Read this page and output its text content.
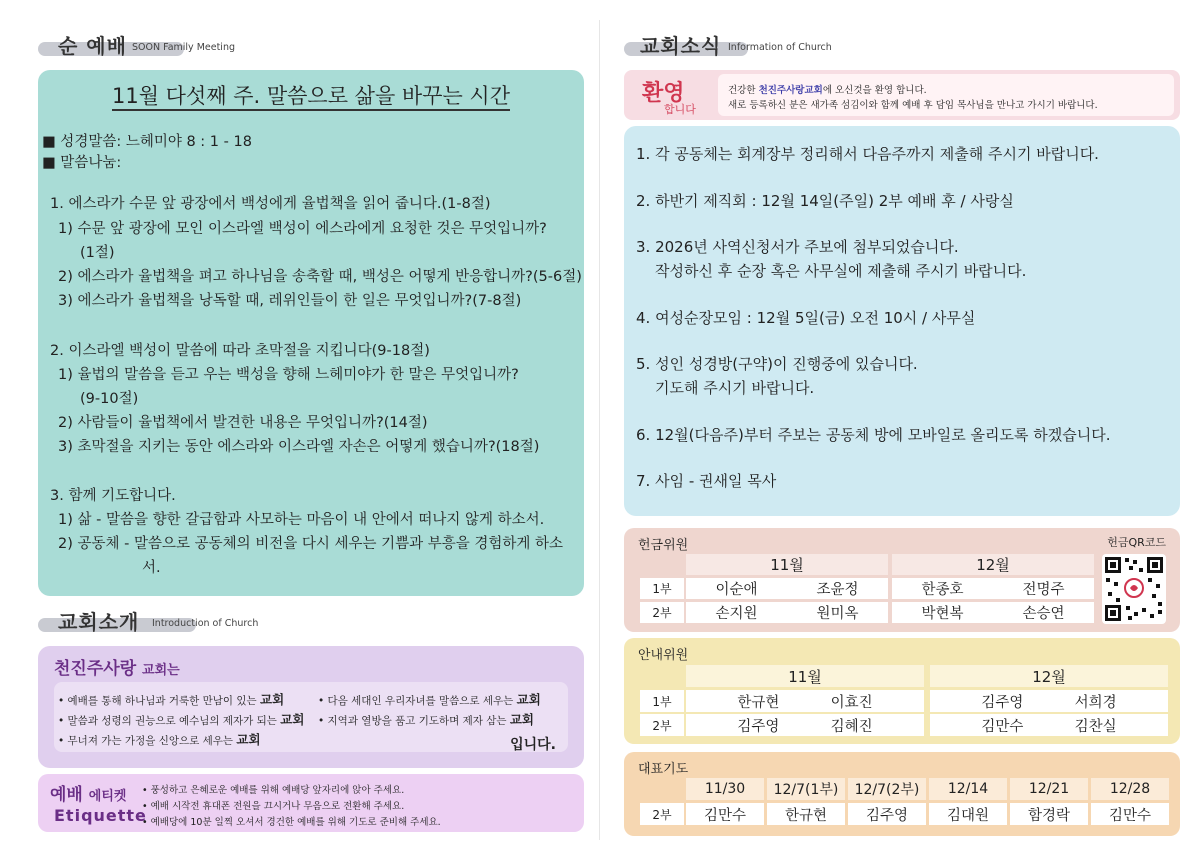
순 예배 SOON Family Meeting
11월 다섯째 주. 말씀으로 삶을 바꾸는 시간
■ 성경말씀: 느헤미야 8 : 1 - 18
■ 말씀나눔:
1. 에스라가 수문 앞 광장에서 백성에게 율법책을 읽어 줍니다.(1-8절)
1) 수문 앞 광장에 모인 이스라엘 백성이 에스라에게 요청한 것은 무엇입니까?
(1절)
2) 에스라가 율법책을 펴고 하나님을 송축할 때, 백성은 어떻게 반응합니까?(5-6절)
3) 에스라가 율법책을 낭독할 때, 레위인들이 한 일은 무엇입니까?(7-8절)
2. 이스라엘 백성이 말씀에 따라 초막절을 지킵니다(9-18절)
1) 율법의 말씀을 듣고 우는 백성을 향해 느헤미야가 한 말은 무엇입니까?
(9-10절)
2) 사람들이 율법책에서 발견한 내용은 무엇입니까?(14절)
3) 초막절을 지키는 동안 에스라와 이스라엘 자손은 어떻게 했습니까?(18절)
3. 함께 기도합니다.
1) 삶 - 말씀을 향한 갈급함과 사모하는 마음이 내 안에서 떠나지 않게 하소서.
2) 공동체 - 말씀으로 공동체의 비전을 다시 세우는 기쁨과 부흥을 경험하게 하소
서.
교회소개 Introduction of Church
천진주사랑 교회는
• 예배를 통해 하나님과 거룩한 만남이 있는 교회	• 다음 세대인 우리자녀를 말씀으로 세우는 교회
• 말씀과 성령의 권능으로 예수님의 제자가 되는 교회 • 지역과 열방을 품고 기도하며 제자 삼는 교회
• 무너져 가는 가정을 신앙으로 세우는 교회	입니다.
예배 에티켓
Etiquette
• 풍성하고 은혜로운 예배를 위해 예배당 앞자리에 앉아 주세요.
• 예배 시작전 휴대폰 전원을 끄시거나 무음으로 전환해 주세요.
• 예배당에 10분 일찍 오셔서 경건한 예배를 위해 기도로 준비해 주세요.
교회소식 Information of Church
환영
합니다
건강한 천진주사랑교회에 오신것을 환영 합니다.
새로 등록하신 분은 새가족 섬김이와 함께 예배 후 담임 목사님을 만나고 가시기 바랍니다.
1. 각 공동체는 회계장부 정리해서 다음주까지 제출해 주시기 바랍니다.
2. 하반기 제직회 : 12월 14일(주일) 2부 예배 후 / 사랑실
3. 2026년 사역신청서가 주보에 첨부되었습니다.
작성하신 후 순장 혹은 사무실에 제출해 주시기 바랍니다.
4. 여성순장모임 : 12월 5일(금) 오전 10시 / 사무실
5. 성인 성경방(구약)이 진행중에 있습니다.
기도해 주시기 바랍니다.
6. 12월(다음주)부터 주보는 공동체 방에 모바일로 올리도록 하겠습니다.
7. 사임 - 권새일 목사
헌금위원	헌금QR코드
11월	12월
1부	이순애	조윤정	한종호	전명주
2부	손지원	원미옥	박현복	손승연
안내위원
11월	12월
1부	한규현	이효진	김주영	서희경
2부	김주영	김혜진	김만수	김찬실
대표기도
11/30	12/7(1부)	12/7(2부)	12/14	12/21	12/28
2부	김만수	한규현	김주영	김대원	함경락	김만수
